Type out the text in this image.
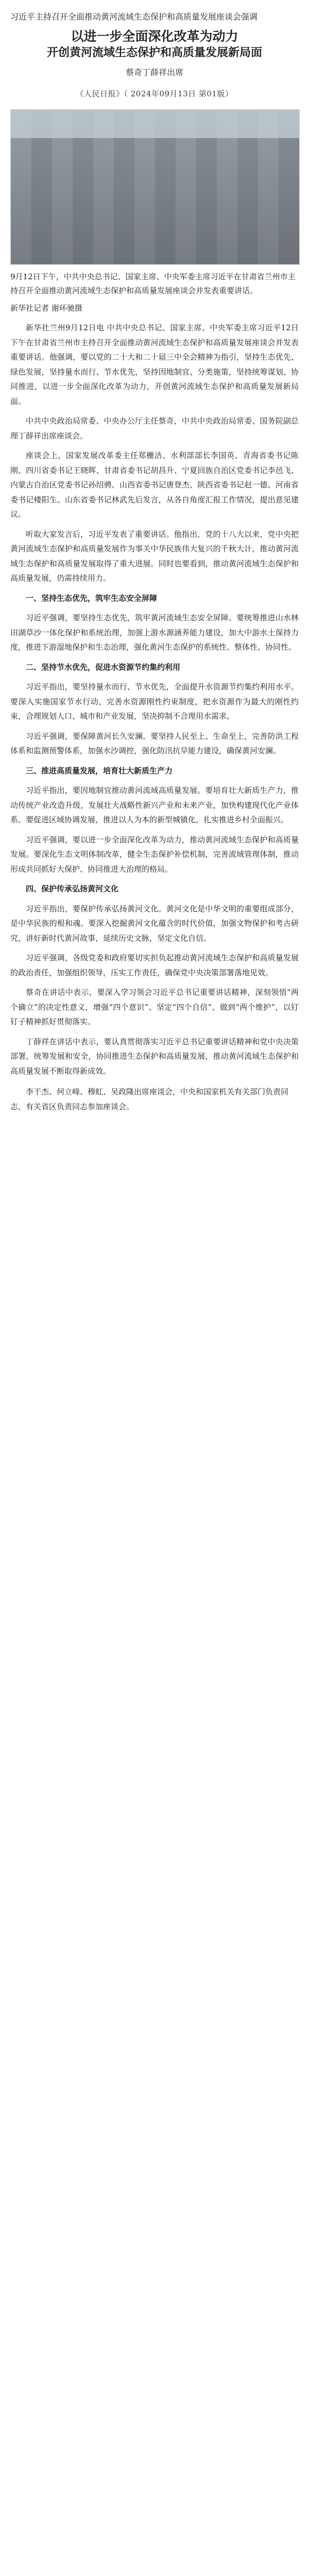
习近平主持召开全面推动黄河流域生态保护和高质量发展座谈会强调
以进一步全面深化改革为动力
开创黄河流域生态保护和高质量发展新局面
蔡奇丁薛祥出席
《人民日报》（ 2024年09月13日 第01版）
9月12日下午，中共中央总书记、国家主席、中央军委主席习近平在甘肃省兰州市主持召开全面推动黄河流域生态保护和高质量发展座谈会并发表重要讲话。
新华社记者 谢环驰摄
新华社兰州9月12日电 中共中央总书记、国家主席、中央军委主席习近平12日下午在甘肃省兰州市主持召开全面推动黄河流域生态保护和高质量发展座谈会并发表重要讲话。他强调，要以党的二十大和二十届三中全会精神为指引，坚持生态优先、绿色发展，坚持量水而行、节水优先，坚持因地制宜、分类施策，坚持统筹谋划、协同推进，以进一步全面深化改革为动力，开创黄河流域生态保护和高质量发展新局面。
中共中央政治局常委、中央办公厅主任蔡奇，中共中央政治局常委、国务院副总理丁薛祥出席座谈会。
座谈会上，国家发展改革委主任郑栅洁、水利部部长李国英、青海省委书记陈刚、四川省委书记王晓晖、甘肃省委书记胡昌升、宁夏回族自治区党委书记李邑飞、内蒙古自治区党委书记孙绍骋、山西省委书记唐登杰、陕西省委书记赵一德、河南省委书记楼阳生、山东省委书记林武先后发言，从各自角度汇报工作情况，提出意见建议。
听取大家发言后，习近平发表了重要讲话。他指出，党的十八大以来，党中央把黄河流域生态保护和高质量发展作为事关中华民族伟大复兴的千秋大计，推动黄河流域生态保护和高质量发展取得了重大进展。同时也要看到，推动黄河流域生态保护和高质量发展，仍需持续用力。
一、坚持生态优先，筑牢生态安全屏障
习近平强调，要坚持生态优先，筑牢黄河流域生态安全屏障。要统筹推进山水林田湖草沙一体化保护和系统治理，加强上游水源涵养能力建设，加大中游水土保持力度，推进下游湿地保护和生态治理，强化黄河生态保护的系统性、整体性、协同性。
二、坚持节水优先，促进水资源节约集约利用
习近平指出，要坚持量水而行、节水优先，全面提升水资源节约集约利用水平。要深入实施国家节水行动，完善水资源刚性约束制度，把水资源作为最大的刚性约束，合理规划人口、城市和产业发展，坚决抑制不合理用水需求。
习近平强调，要保障黄河长久安澜。要坚持人民至上、生命至上，完善防洪工程体系和监测预警体系，加强水沙调控，强化防汛抗旱能力建设，确保黄河安澜。
三、推进高质量发展，培育壮大新质生产力
习近平指出，要因地制宜推动黄河流域高质量发展。要培育壮大新质生产力，推动传统产业改造升级，发展壮大战略性新兴产业和未来产业，加快构建现代化产业体系。要促进区域协调发展，推进以人为本的新型城镇化，扎实推进乡村全面振兴。
习近平强调，要以进一步全面深化改革为动力，推动黄河流域生态保护和高质量发展。要深化生态文明体制改革，健全生态保护补偿机制，完善流域管理体制，推动形成共同抓好大保护、协同推进大治理的格局。
四、保护传承弘扬黄河文化
习近平指出，要保护传承弘扬黄河文化。黄河文化是中华文明的重要组成部分，是中华民族的根和魂。要深入挖掘黄河文化蕴含的时代价值，加强文物保护和考古研究，讲好新时代黄河故事，延续历史文脉，坚定文化自信。
习近平强调，各级党委和政府要切实担负起推动黄河流域生态保护和高质量发展的政治责任，加强组织领导，压实工作责任，确保党中央决策部署落地见效。
蔡奇在讲话中表示，要深入学习领会习近平总书记重要讲话精神，深刻领悟“两个确立”的决定性意义，增强“四个意识”、坚定“四个自信”、做到“两个维护”，以钉钉子精神抓好贯彻落实。
丁薛祥在讲话中表示，要认真贯彻落实习近平总书记重要讲话精神和党中央决策部署，统筹发展和安全，协同推进生态保护和高质量发展，推动黄河流域生态保护和高质量发展不断取得新成效。
李干杰、何立峰、穆虹、吴政隆出席座谈会，中央和国家机关有关部门负责同志，有关省区负责同志参加座谈会。
